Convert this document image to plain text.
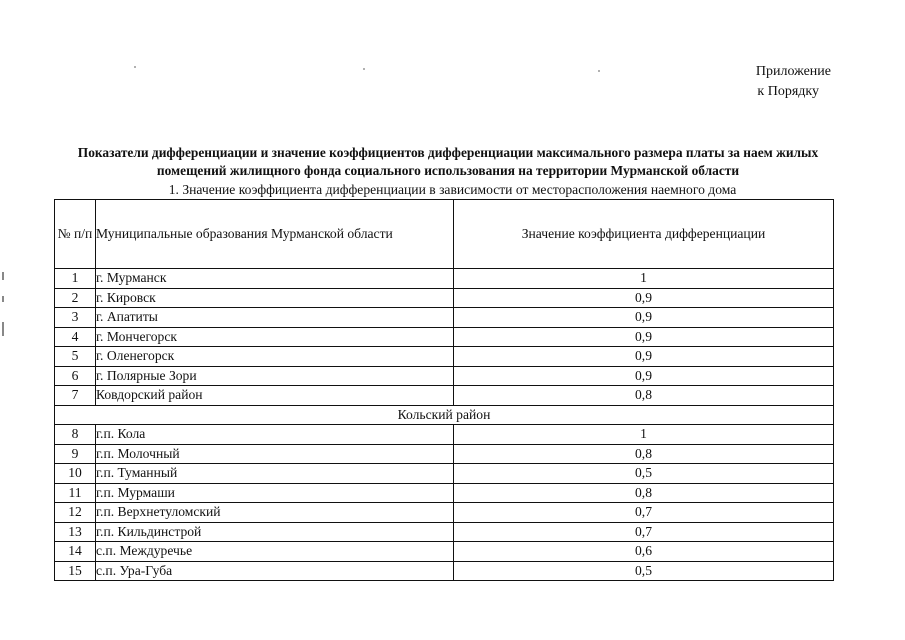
Приложение
к Порядку
Показатели дифференциации и значение коэффициентов дифференциации максимального размера платы за наем жилых помещений жилищного фонда социального использования на территории Мурманской области
1. Значение коэффициента дифференциации в зависимости от месторасположения наемного дома
№ п/п	Муниципальные образования Мурманской области	Значение коэффициента дифференциации
1	г. Мурманск	1
2	г. Кировск	0,9
3	г. Апатиты	0,9
4	г. Мончегорск	0,9
5	г. Оленегорск	0,9
6	г. Полярные Зори	0,9
7	Ковдорский район	0,8
Кольский район		
8	г.п. Кола	1
9	г.п. Молочный	0,8
10	г.п. Туманный	0,5
11	г.п. Мурмаши	0,8
12	г.п. Верхнетуломский	0,7
13	г.п. Кильдинстрой	0,7
14	с.п. Междуречье	0,6
15	с.п. Ура-Губа	0,5
